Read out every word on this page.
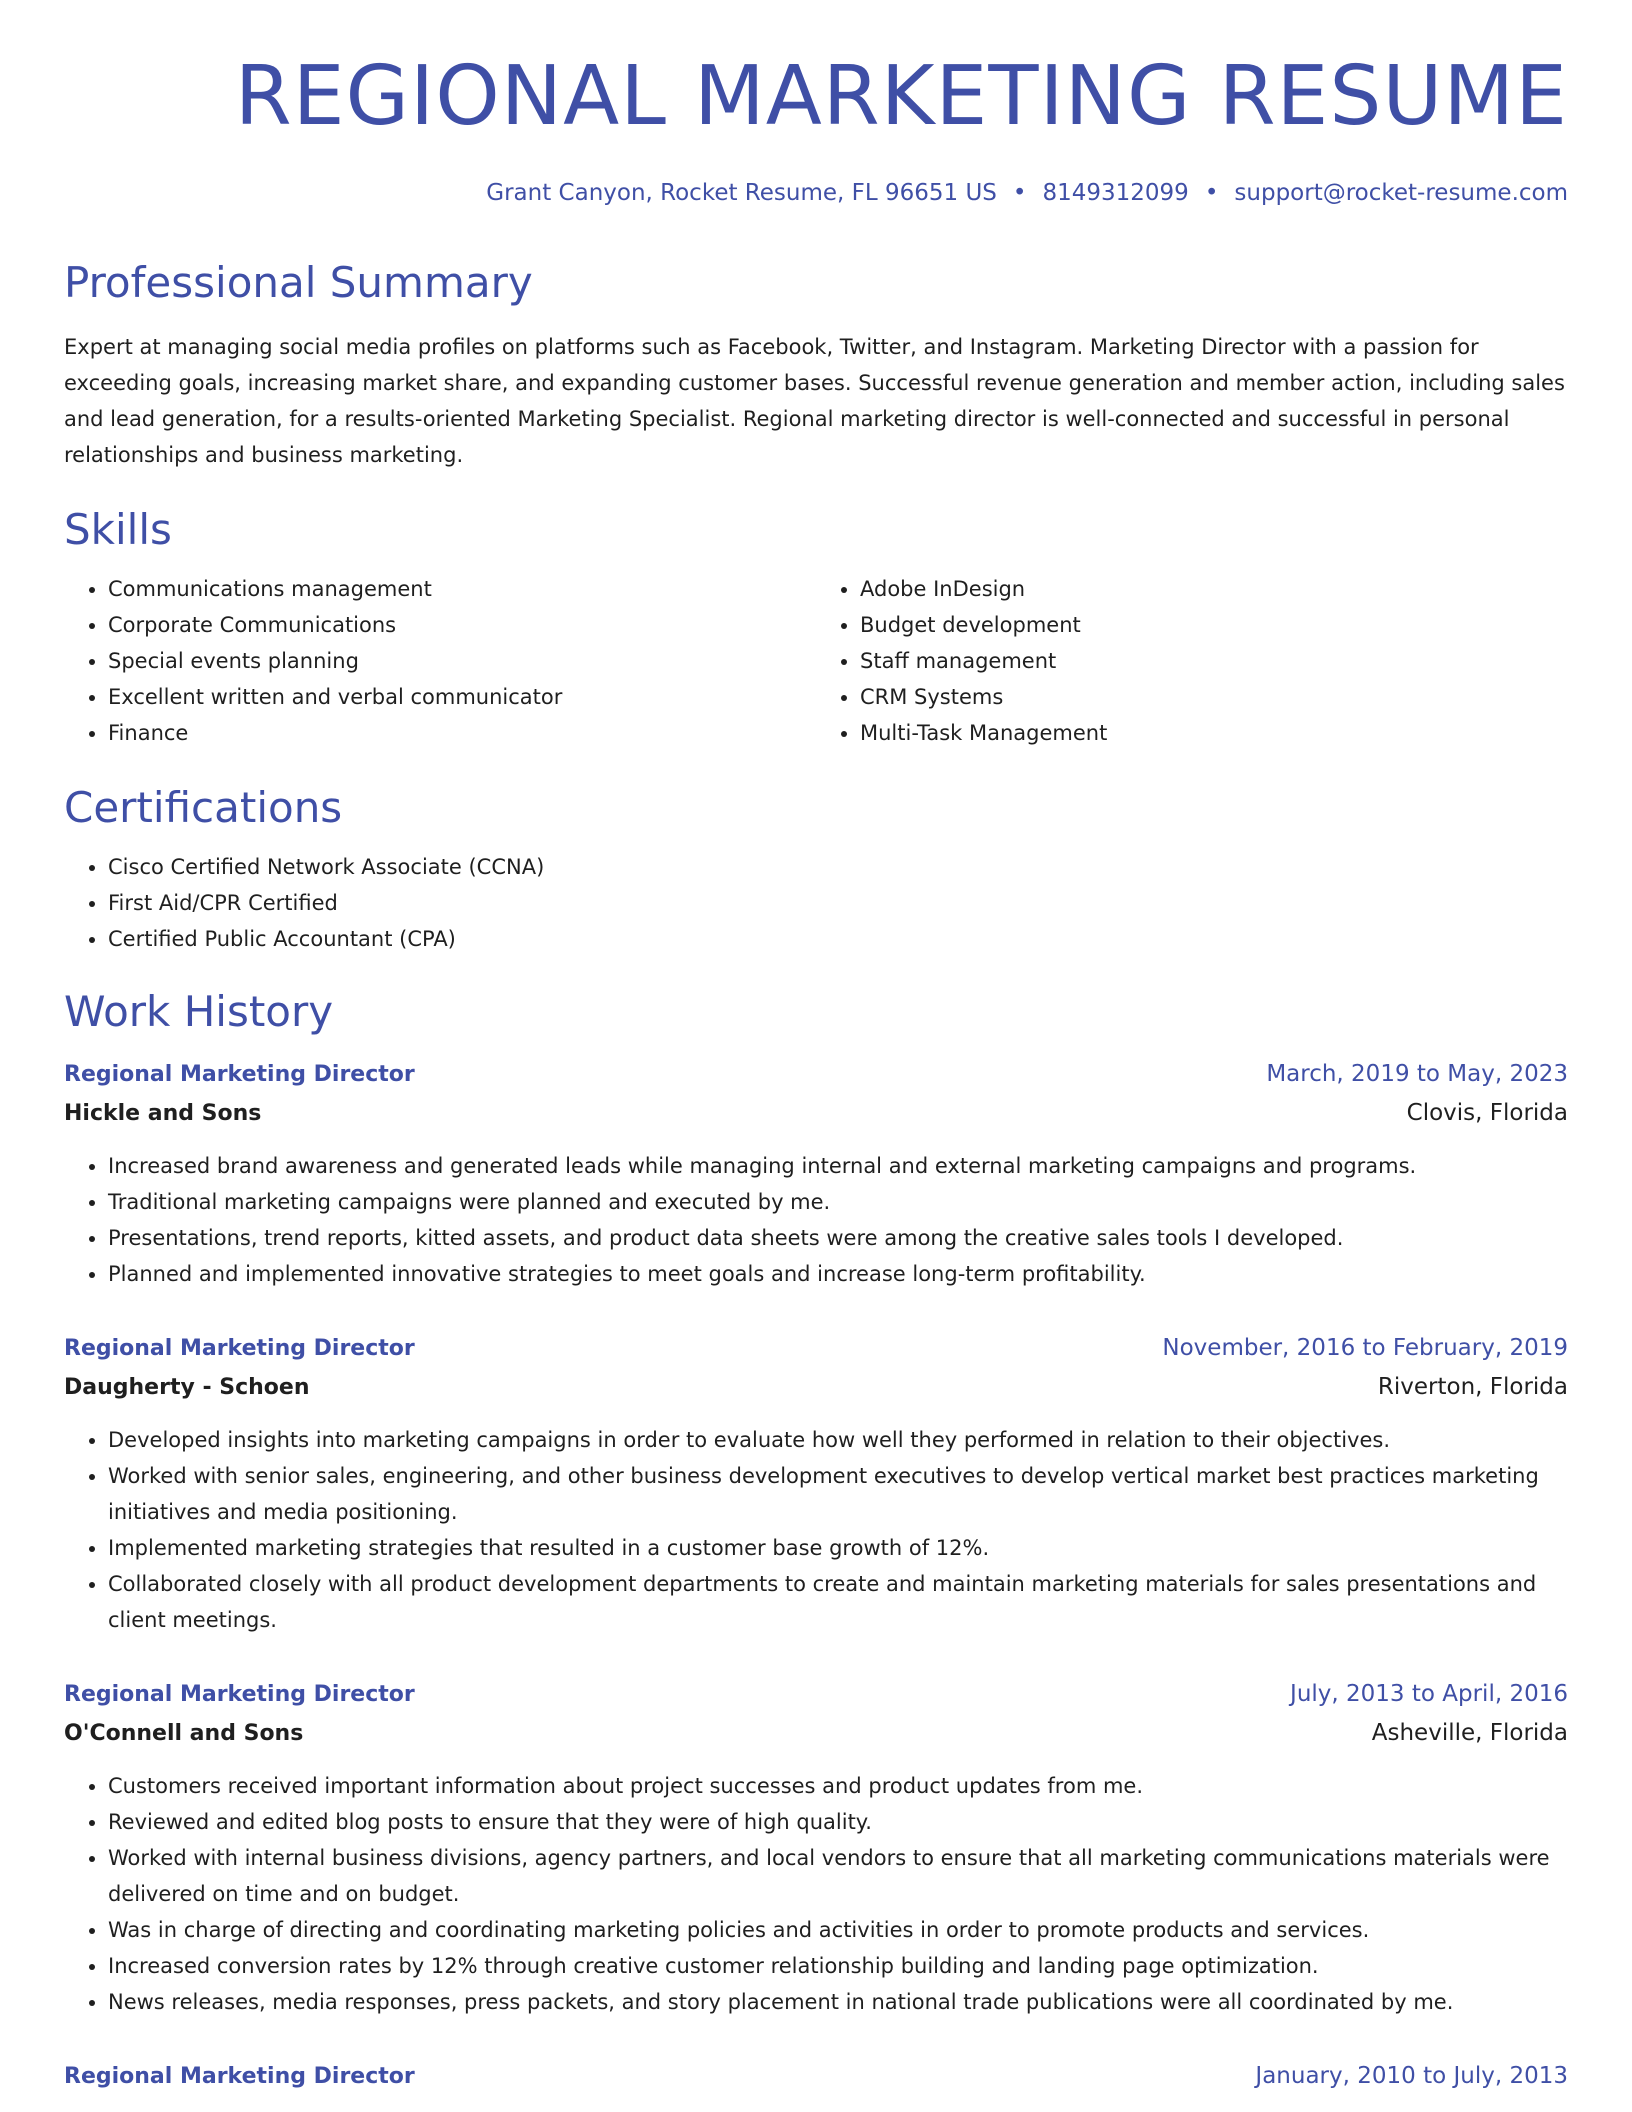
REGIONAL MARKETING RESUME
Grant Canyon, Rocket Resume, FL 96651 US • 8149312099 • support@rocket-resume.com
Professional Summary

Expert at managing social media profiles on platforms such as Facebook, Twitter, and Instagram. Marketing Director with a passion for exceeding goals, increasing market share, and expanding customer bases. Successful revenue generation and member action, including sales and lead generation, for a results-oriented Marketing Specialist. Regional marketing director is well-connected and successful in personal relationships and business marketing.

Skills
• Communications management
• Corporate Communications
• Special events planning
• Excellent written and verbal communicator
• Finance
• Adobe InDesign
• Budget development
• Staff management
• CRM Systems
• Multi-Task Management
Certifications
• Cisco Certified Network Associate (CCNA)
• First Aid/CPR Certified
• Certified Public Accountant (CPA)
Work History
Regional Marketing Director	March, 2019 to May, 2023
Hickle and Sons	Clovis, Florida
• Increased brand awareness and generated leads while managing internal and external marketing campaigns and programs.
• Traditional marketing campaigns were planned and executed by me.
• Presentations, trend reports, kitted assets, and product data sheets were among the creative sales tools I developed.
• Planned and implemented innovative strategies to meet goals and increase long-term profitability.
Regional Marketing Director	November, 2016 to February, 2019
Daugherty - Schoen	Riverton, Florida
• Developed insights into marketing campaigns in order to evaluate how well they performed in relation to their objectives.
• Worked with senior sales, engineering, and other business development executives to develop vertical market best practices marketing initiatives and media positioning.
• Implemented marketing strategies that resulted in a customer base growth of 12%.
• Collaborated closely with all product development departments to create and maintain marketing materials for sales presentations and client meetings.
Regional Marketing Director	July, 2013 to April, 2016
O'Connell and Sons	Asheville, Florida
• Customers received important information about project successes and product updates from me.
• Reviewed and edited blog posts to ensure that they were of high quality.
• Worked with internal business divisions, agency partners, and local vendors to ensure that all marketing communications materials were delivered on time and on budget.
• Was in charge of directing and coordinating marketing policies and activities in order to promote products and services.
• Increased conversion rates by 12% through creative customer relationship building and landing page optimization.
• News releases, media responses, press packets, and story placement in national trade publications were all coordinated by me.
Regional Marketing Director	January, 2010 to July, 2013
